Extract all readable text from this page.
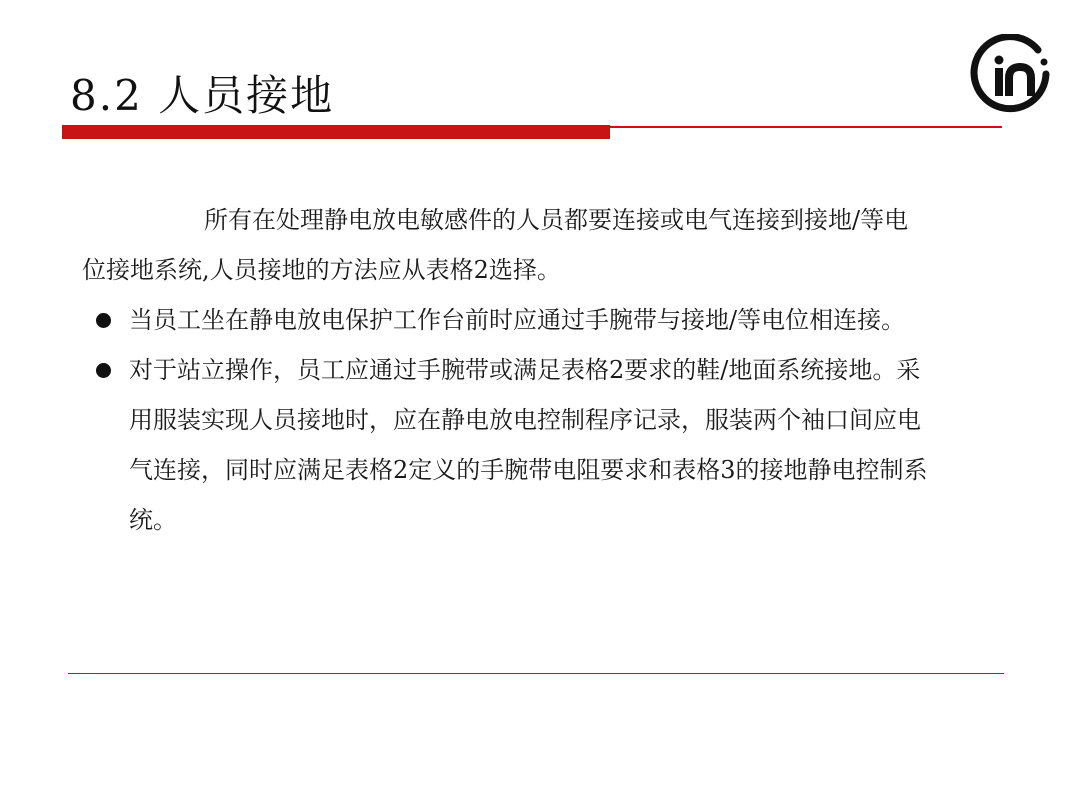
8.2 人员接地

所有在处理静电放电敏感件的人员都要连接或电气连接到接地/等电位接地系统,人员接地的方法应从表格2选择。

当员工坐在静电放电保护工作台前时应通过手腕带与接地/等电位相连接。
对于站立操作，员工应通过手腕带或满足表格2要求的鞋/地面系统接地。采用服装实现人员接地时，应在静电放电控制程序记录，服装两个袖口间应电气连接，同时应满足表格2定义的手腕带电阻要求和表格3的接地静电控制系统。
